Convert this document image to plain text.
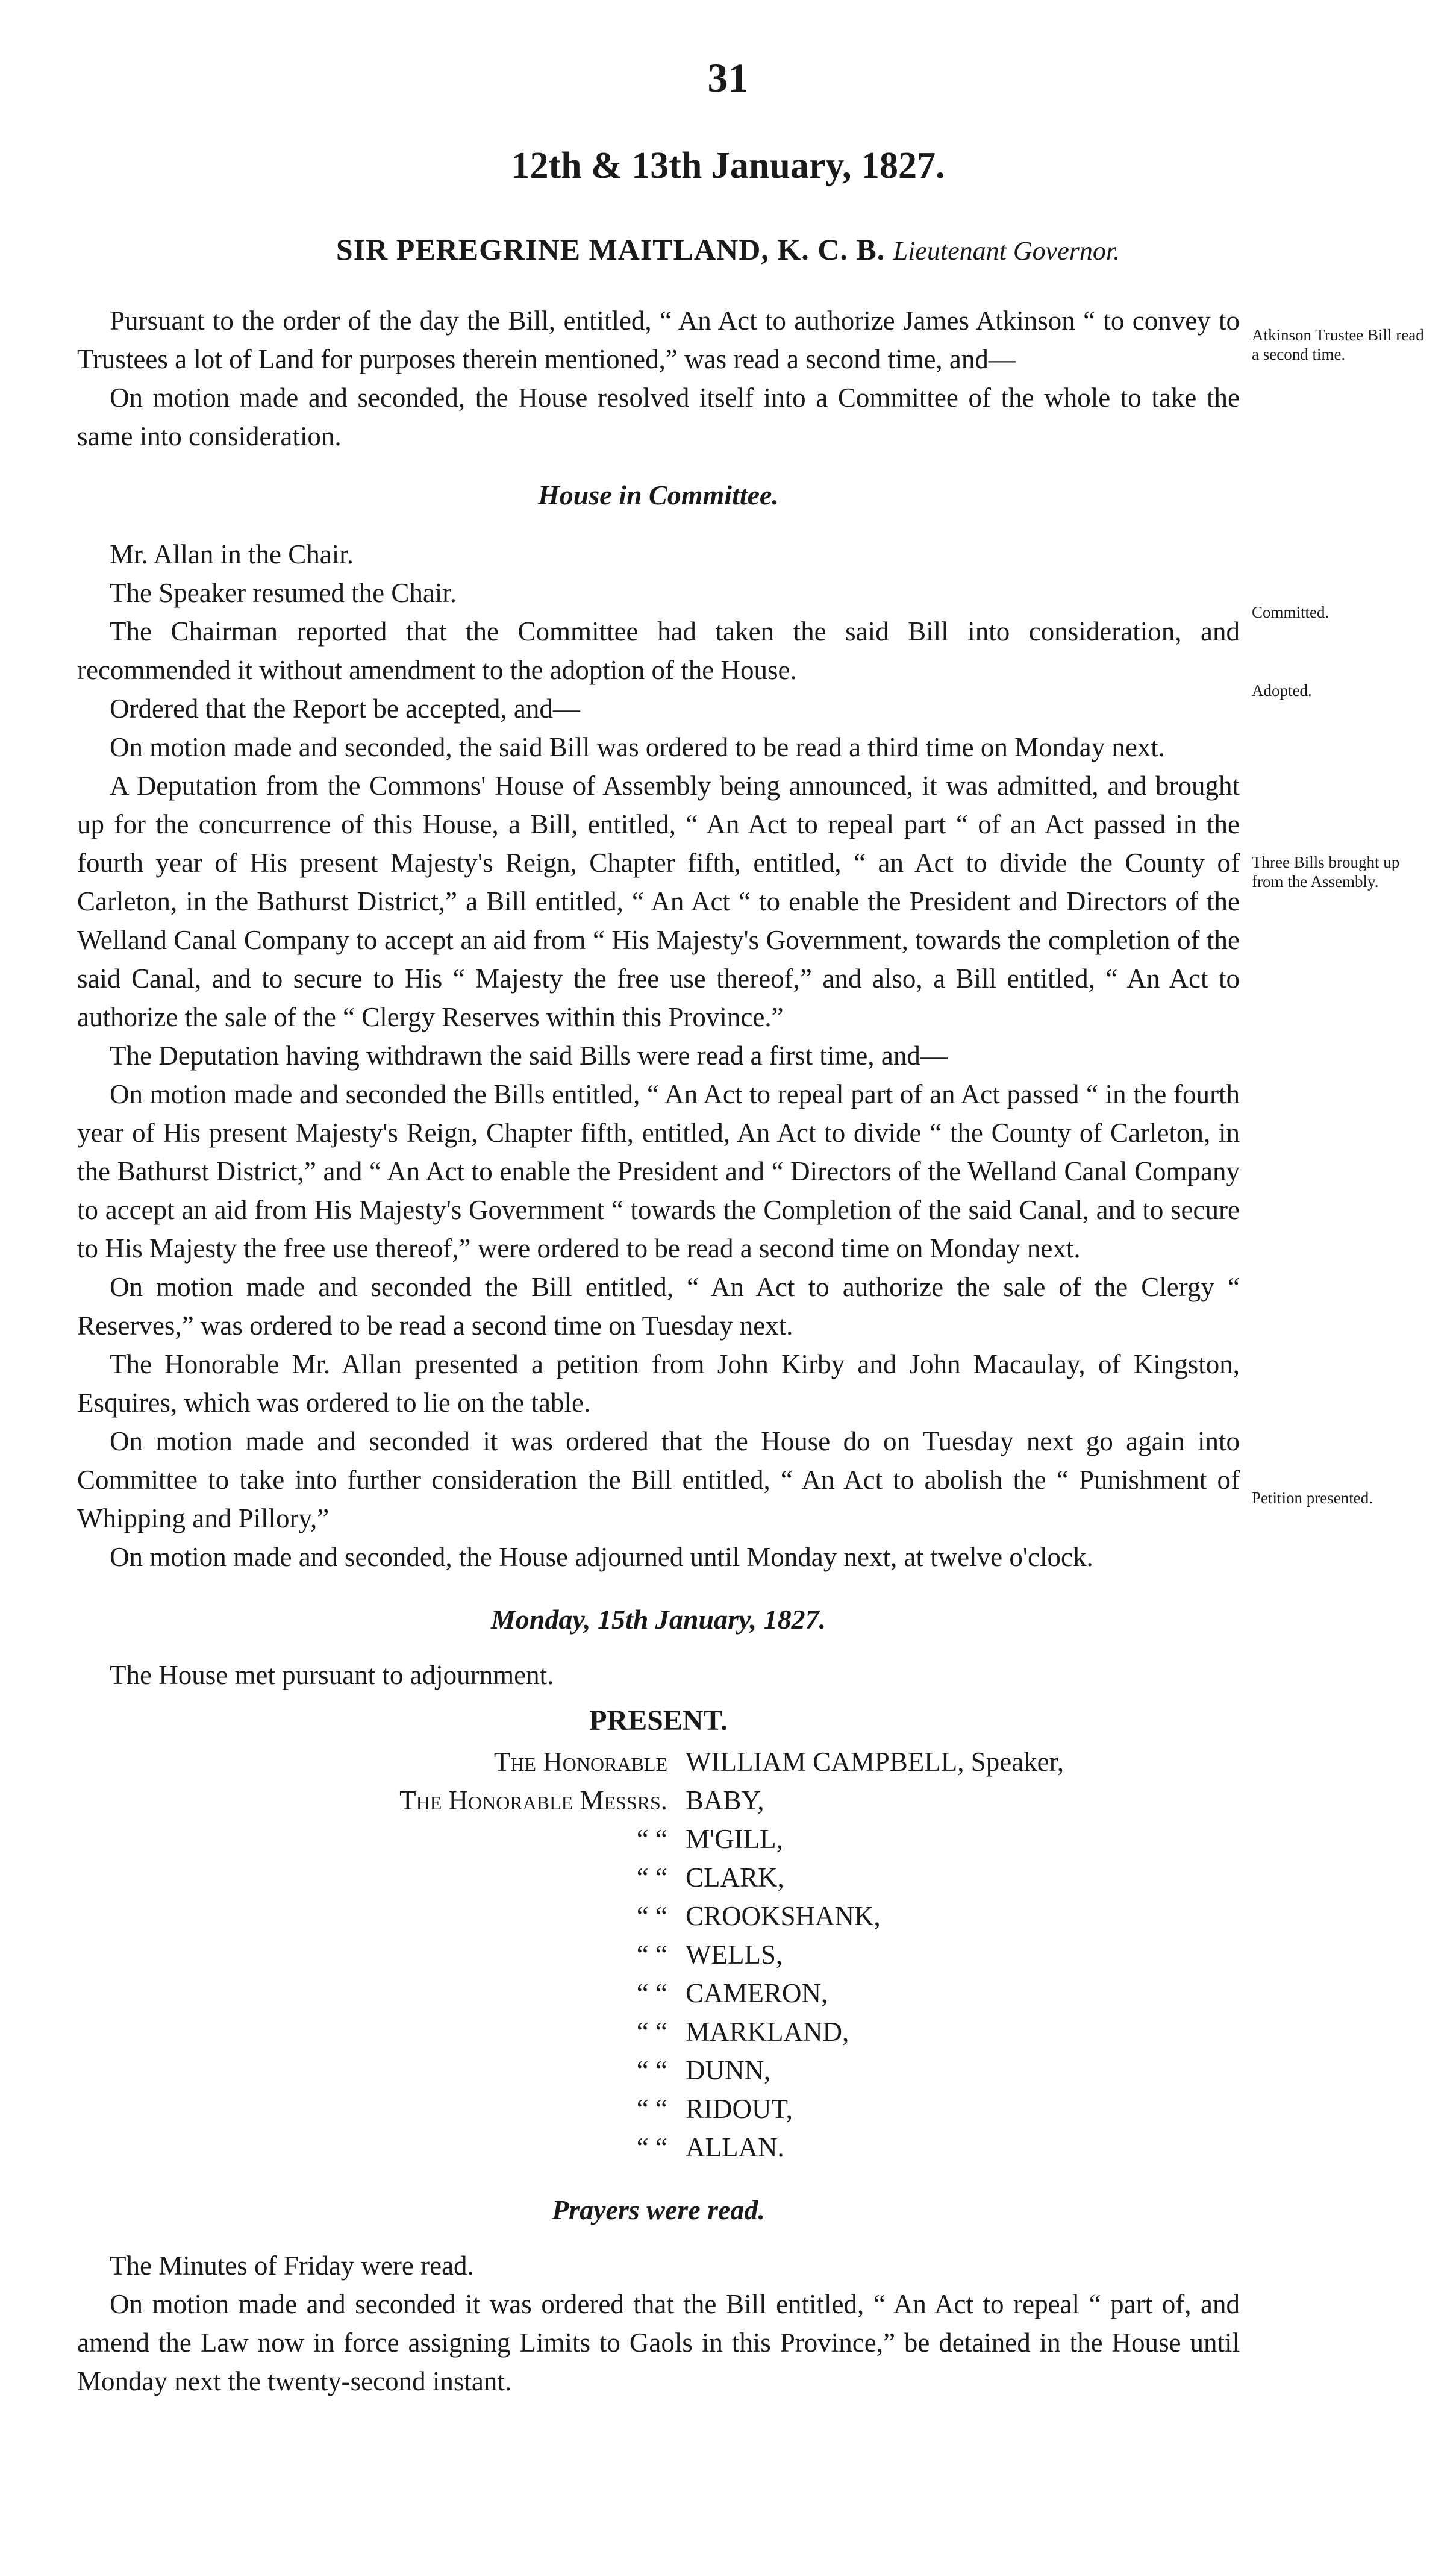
31
12th & 13th January, 1827.
SIR PEREGRINE MAITLAND, K. C. B. Lieutenant Governor.

Pursuant to the order of the day the Bill, entitled, “ An Act to authorize James Atkinson “ to convey to Trustees a lot of Land for purposes therein mentioned,” was read a second time, and—

On motion made and seconded, the House resolved itself into a Committee of the whole to take the same into consideration.

House in Committee.

Mr. Allan in the Chair.

The Speaker resumed the Chair.

The Chairman reported that the Committee had taken the said Bill into consideration, and recommended it without amendment to the adoption of the House.

Ordered that the Report be accepted, and—

On motion made and seconded, the said Bill was ordered to be read a third time on Monday next.

A Deputation from the Commons' House of Assembly being announced, it was admitted, and brought up for the concurrence of this House, a Bill, entitled, “ An Act to repeal part “ of an Act passed in the fourth year of His present Majesty's Reign, Chapter fifth, entitled, “ an Act to divide the County of Carleton, in the Bathurst District,” a Bill entitled, “ An Act “ to enable the President and Directors of the Welland Canal Company to accept an aid from “ His Majesty's Government, towards the completion of the said Canal, and to secure to His “ Majesty the free use thereof,” and also, a Bill entitled, “ An Act to authorize the sale of the “ Clergy Reserves within this Province.”

The Deputation having withdrawn the said Bills were read a first time, and—

On motion made and seconded the Bills entitled, “ An Act to repeal part of an Act passed “ in the fourth year of His present Majesty's Reign, Chapter fifth, entitled, An Act to divide “ the County of Carleton, in the Bathurst District,” and “ An Act to enable the President and “ Directors of the Welland Canal Company to accept an aid from His Majesty's Government “ towards the Completion of the said Canal, and to secure to His Majesty the free use thereof,” were ordered to be read a second time on Monday next.

On motion made and seconded the Bill entitled, “ An Act to authorize the sale of the Clergy “ Reserves,” was ordered to be read a second time on Tuesday next.

The Honorable Mr. Allan presented a petition from John Kirby and John Macaulay, of Kingston, Esquires, which was ordered to lie on the table.

On motion made and seconded it was ordered that the House do on Tuesday next go again into Committee to take into further consideration the Bill entitled, “ An Act to abolish the “ Punishment of Whipping and Pillory,”

On motion made and seconded, the House adjourned until Monday next, at twelve o'clock.

Monday, 15th January, 1827.

The House met pursuant to adjournment.

PRESENT.
The Honorable WILLIAM CAMPBELL, Speaker,
The Honorable Messrs. BABY,
“ “ M'GILL,
“ “ CLARK,
“ “ CROOKSHANK,
“ “ WELLS,
“ “ CAMERON,
“ “ MARKLAND,
“ “ DUNN,
“ “ RIDOUT,
“ “ ALLAN.
Prayers were read.

The Minutes of Friday were read.

On motion made and seconded it was ordered that the Bill entitled, “ An Act to repeal “ part of, and amend the Law now in force assigning Limits to Gaols in this Province,” be detained in the House until Monday next the twenty-second instant.

Atkinson Trustee Bill read a second time.
Committed.
Adopted.
Three Bills brought up from the Assembly.
Petition presented.
